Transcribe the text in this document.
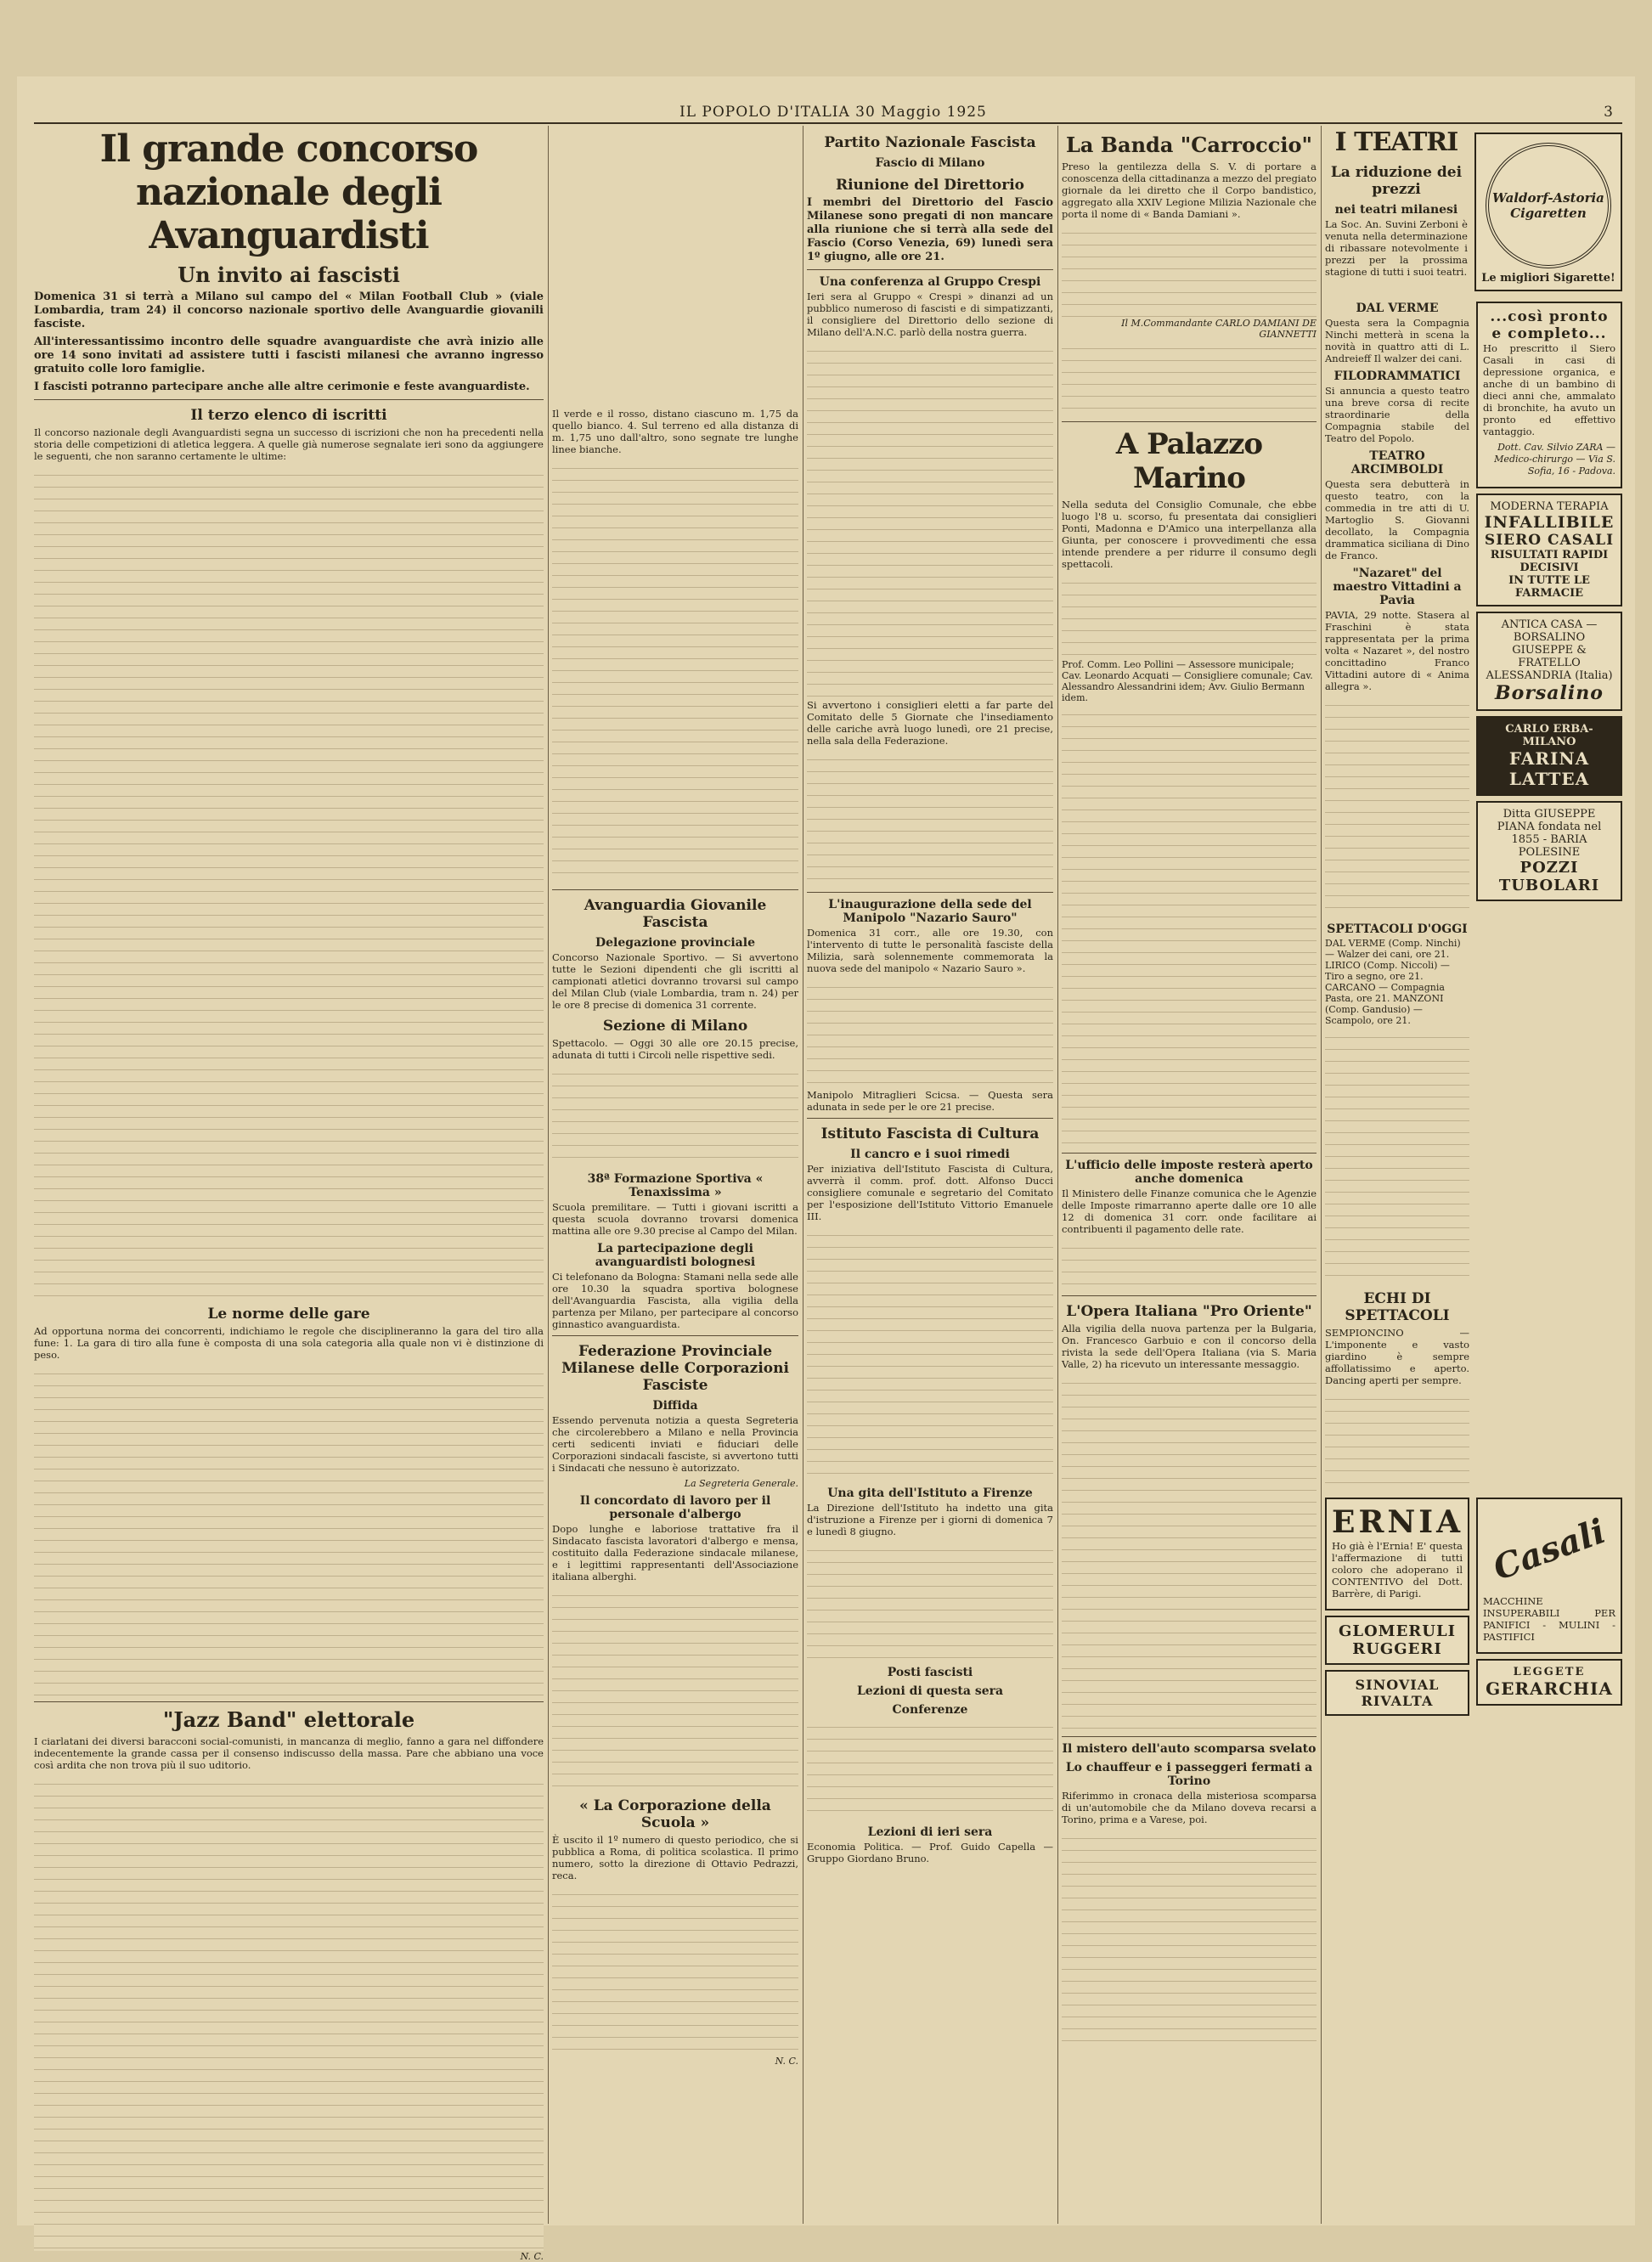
IL POPOLO D'ITALIA 30 Maggio 1925	3
Il grande concorso nazionale degli Avanguardisti
Un invito ai fascisti

Domenica 31 si terrà a Milano sul campo del « Milan Football Club » (viale Lombardia, tram 24) il concorso nazionale sportivo delle Avanguardie giovanili fasciste.

All'interessantissimo incontro delle squadre avanguardiste che avrà inizio alle ore 14 sono invitati ad assistere tutti i fascisti milanesi che avranno ingresso gratuito colle loro famiglie.

I fascisti potranno partecipare anche alle altre cerimonie e feste avanguardiste.

Il terzo elenco di iscritti

Il concorso nazionale degli Avanguardisti segna un successo di iscrizioni che non ha precedenti nella storia delle competizioni di atletica leggera. A quelle già numerose segnalate ieri sono da aggiungere le seguenti, che non saranno certamente le ultime:

Le norme delle gare

Ad opportuna norma dei concorrenti, indichiamo le regole che disciplineranno la gara del tiro alla fune: 1. La gara di tiro alla fune è composta di una sola categoria alla quale non vi è distinzione di peso.

"Jazz Band" elettorale

I ciarlatani dei diversi baracconi social-comunisti, in mancanza di meglio, fanno a gara nel diffondere indecentemente la grande cassa per il consenso indiscusso della massa. Pare che abbiano una voce così ardita che non trova più il suo uditorio.

N. C.

Il verde e il rosso, distano ciascuno m. 1,75 da quello bianco. 4. Sul terreno ed alla distanza di m. 1,75 uno dall'altro, sono segnate tre lunghe linee bianche.

Avanguardia Giovanile Fascista
Delegazione provinciale

Concorso Nazionale Sportivo. — Si avvertono tutte le Sezioni dipendenti che gli iscritti al campionati atletici dovranno trovarsi sul campo del Milan Club (viale Lombardia, tram n. 24) per le ore 8 precise di domenica 31 corrente.

Sezione di Milano

Spettacolo. — Oggi 30 alle ore 20.15 precise, adunata di tutti i Circoli nelle rispettive sedi.

38ª Formazione Sportiva « Tenaxissima »

Scuola premilitare. — Tutti i giovani iscritti a questa scuola dovranno trovarsi domenica mattina alle ore 9.30 precise al Campo del Milan.

La partecipazione degli avanguardisti bolognesi

Ci telefonano da Bologna: Stamani nella sede alle ore 10.30 la squadra sportiva bolognese dell'Avanguardia Fascista, alla vigilia della partenza per Milano, per partecipare al concorso ginnastico avanguardista.

Federazione Provinciale Milanese delle Corporazioni Fasciste
Diffida

Essendo pervenuta notizia a questa Segreteria che circolerebbero a Milano e nella Provincia certi sedicenti inviati e fiduciari delle Corporazioni sindacali fasciste, si avvertono tutti i Sindacati che nessuno è autorizzato.

La Segreteria Generale.
Il concordato di lavoro per il personale d'albergo

Dopo lunghe e laboriose trattative fra il Sindacato fascista lavoratori d'albergo e mensa, costituito dalla Federazione sindacale milanese, e i legittimi rappresentanti dell'Associazione italiana alberghi.

« La Corporazione della Scuola »

È uscito il 1º numero di questo periodico, che si pubblica a Roma, di politica scolastica. Il primo numero, sotto la direzione di Ottavio Pedrazzi, reca.

N. C.
Partito Nazionale Fascista
Fascio di Milano
Riunione del Direttorio

I membri del Direttorio del Fascio Milanese sono pregati di non mancare alla riunione che si terrà alla sede del Fascio (Corso Venezia, 69) lunedì sera 1º giugno, alle ore 21.

Una conferenza al Gruppo Crespi

Ieri sera al Gruppo « Crespi » dinanzi ad un pubblico numeroso di fascisti e di simpatizzanti, il consigliere del Direttorio dello sezione di Milano dell'A.N.C. parlò della nostra guerra.

Si avvertono i consiglieri eletti a far parte del Comitato delle 5 Giornate che l'insediamento delle cariche avrà luogo lunedì, ore 21 precise, nella sala della Federazione.

L'inaugurazione della sede del Manipolo "Nazario Sauro"

Domenica 31 corr., alle ore 19.30, con l'intervento di tutte le personalità fasciste della Milizia, sarà solennemente commemorata la nuova sede del manipolo « Nazario Sauro ».

Manipolo Mitraglieri Scicsa. — Questa sera adunata in sede per le ore 21 precise.

Istituto Fascista di Cultura
Il cancro e i suoi rimedi

Per iniziativa dell'Istituto Fascista di Cultura, avverrà il comm. prof. dott. Alfonso Ducci consigliere comunale e segretario del Comitato per l'esposizione dell'Istituto Vittorio Emanuele III.

Una gita dell'Istituto a Firenze

La Direzione dell'Istituto ha indetto una gita d'istruzione a Firenze per i giorni di domenica 7 e lunedì 8 giugno.

Posti fascisti
Lezioni di questa sera
Conferenze
Lezioni di ieri sera

Economia Politica. — Prof. Guido Capella — Gruppo Giordano Bruno.

La Banda "Carroccio"

Preso la gentilezza della S. V. di portare a conoscenza della cittadinanza a mezzo del pregiato giornale da lei diretto che il Corpo bandistico, aggregato alla XXIV Legione Milizia Nazionale che porta il nome di « Banda Damiani ».

Il M.Commandante CARLO DAMIANI DE GIANNETTI
A Palazzo Marino

Nella seduta del Consiglio Comunale, che ebbe luogo l'8 u. scorso, fu presentata dai consiglieri Ponti, Madonna e D'Amico una interpellanza alla Giunta, per conoscere i provvedimenti che essa intende prendere a per ridurre il consumo degli spettacoli.

Prof. Comm. Leo Pollini — Assessore municipale; Cav. Leonardo Acquati — Consigliere comunale; Cav. Alessandro Alessandrini idem; Avv. Giulio Bermann idem.

L'ufficio delle imposte resterà aperto anche domenica

Il Ministero delle Finanze comunica che le Agenzie delle Imposte rimarranno aperte dalle ore 10 alle 12 di domenica 31 corr. onde facilitare ai contribuenti il pagamento delle rate.

L'Opera Italiana "Pro Oriente"

Alla vigilia della nuova partenza per la Bulgaria, On. Francesco Garbuio e con il concorso della rivista la sede dell'Opera Italiana (via S. Maria Valle, 2) ha ricevuto un interessante messaggio.

Il mistero dell'auto scomparsa svelato
Lo chauffeur e i passeggeri fermati a Torino

Riferimmo in cronaca della misteriosa scomparsa di un'automobile che da Milano doveva recarsi a Torino, prima e a Varese, poi.

I TEATRI
La riduzione dei prezzi
nei teatri milanesi

La Soc. An. Suvini Zerboni è venuta nella determinazione di ribassare notevolmente i prezzi per la prossima stagione di tutti i suoi teatri.

Waldorf-Astoria Cigaretten
Le migliori Sigarette!
DAL VERME

Questa sera la Compagnia Ninchi metterà in scena la novità in quattro atti di L. Andreieff Il walzer dei cani.

FILODRAMMATICI

Si annuncia a questo teatro una breve corsa di recite straordinarie della Compagnia stabile del Teatro del Popolo.

TEATRO ARCIMBOLDI

Questa sera debutterà in questo teatro, con la commedia in tre atti di U. Martoglio S. Giovanni decollato, la Compagnia drammatica siciliana di Dino de Franco.

"Nazaret" del maestro Vittadini a Pavia

PAVIA, 29 notte. Stasera al Fraschini è stata rappresentata per la prima volta « Nazaret », del nostro concittadino Franco Vittadini autore di « Anima allegra ».

SPETTACOLI D'OGGI

DAL VERME (Comp. Ninchi) — Walzer dei cani, ore 21. LIRICO (Comp. Niccoli) — Tiro a segno, ore 21. CARCANO — Compagnia Pasta, ore 21. MANZONI (Comp. Gandusio) — Scampolo, ore 21.

ECHI DI SPETTACOLI

SEMPIONCINO — L'imponente e vasto giardino è sempre affollatissimo e aperto. Dancing aperti per sempre.

...così pronto e completo...

Ho prescritto il Siero Casali in casi di depressione organica, e anche di un bambino di dieci anni che, ammalato di bronchite, ha avuto un pronto ed effettivo vantaggio.

Dott. Cav. Silvio ZARA — Medico-chirurgo — Via S. Sofia, 16 - Padova.

MODERNA TERAPIA
INFALLIBILE
SIERO CASALI
RISULTATI RAPIDI DECISIVI
IN TUTTE LE FARMACIE
ANTICA CASA — BORSALINO GIUSEPPE & FRATELLO
ALESSANDRIA (Italia)
Borsalino
CARLO ERBA-MILANO
FARINA LATTEA
Ditta GIUSEPPE PIANA fondata nel 1855 - BARIA POLESINE
POZZI TUBOLARI
ERNIA

Ho già è l'Ernia! E' questa l'affermazione di tutti coloro che adoperano il CONTENTIVO del Dott. Barrère, di Parigi.

GLOMERULI RUGGERI
SINOVIAL RIVALTA
Casali

MACCHINE INSUPERABILI PER PANIFICI - MULINI - PASTIFICI

LEGGETE
GERARCHIA
